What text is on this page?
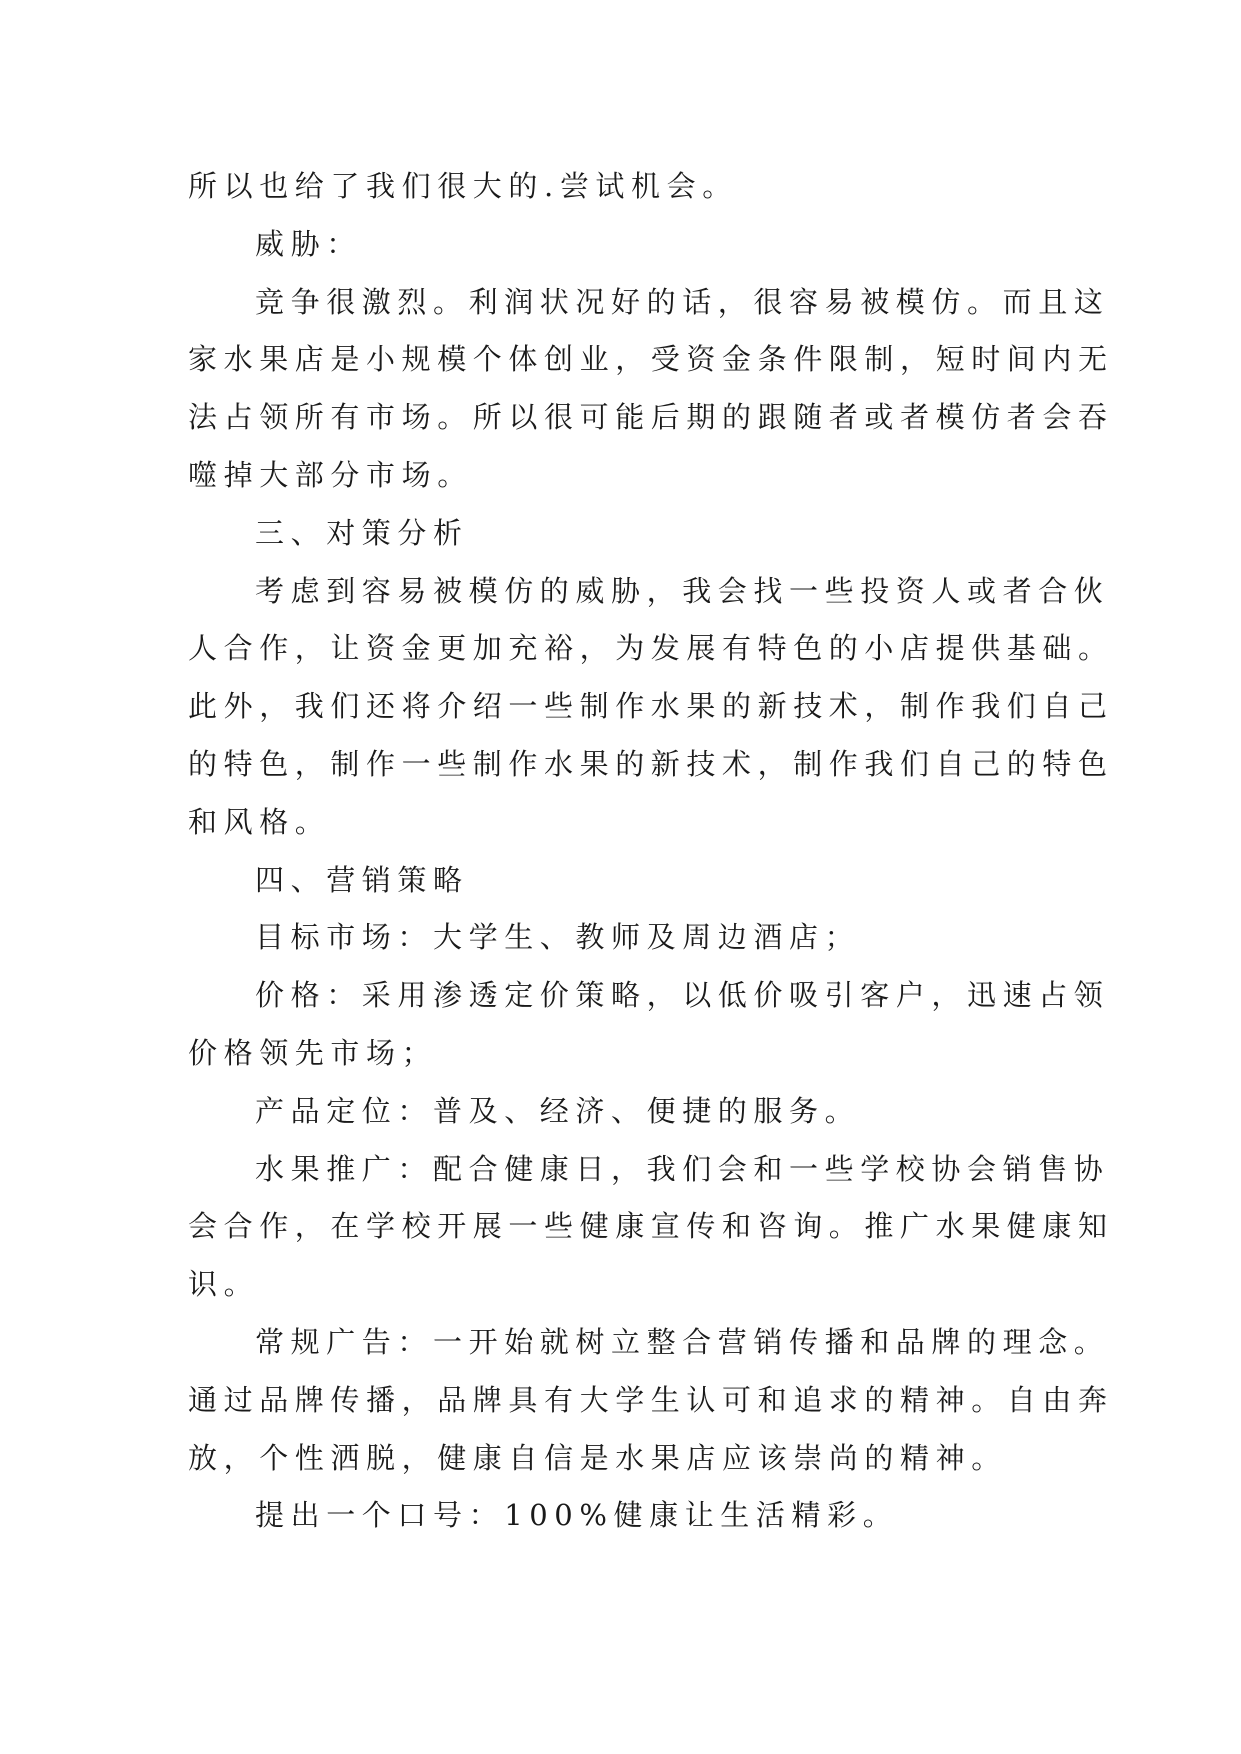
所以也给了我们很大的.尝试机会。
威胁：
竞争很激烈。利润状况好的话，很容易被模仿。而且这
家水果店是小规模个体创业，受资金条件限制，短时间内无
法占领所有市场。所以很可能后期的跟随者或者模仿者会吞
噬掉大部分市场。
三、对策分析
考虑到容易被模仿的威胁，我会找一些投资人或者合伙
人合作，让资金更加充裕，为发展有特色的小店提供基础。
此外，我们还将介绍一些制作水果的新技术，制作我们自己
的特色，制作一些制作水果的新技术，制作我们自己的特色
和风格。
四、营销策略
目标市场：大学生、教师及周边酒店；
价格：采用渗透定价策略，以低价吸引客户，迅速占领
价格领先市场；
产品定位：普及、经济、便捷的服务。
水果推广：配合健康日，我们会和一些学校协会销售协
会合作，在学校开展一些健康宣传和咨询。推广水果健康知
识。
常规广告：一开始就树立整合营销传播和品牌的理念。
通过品牌传播，品牌具有大学生认可和追求的精神。自由奔
放，个性洒脱，健康自信是水果店应该崇尚的精神。
提出一个口号：100%健康让生活精彩。
